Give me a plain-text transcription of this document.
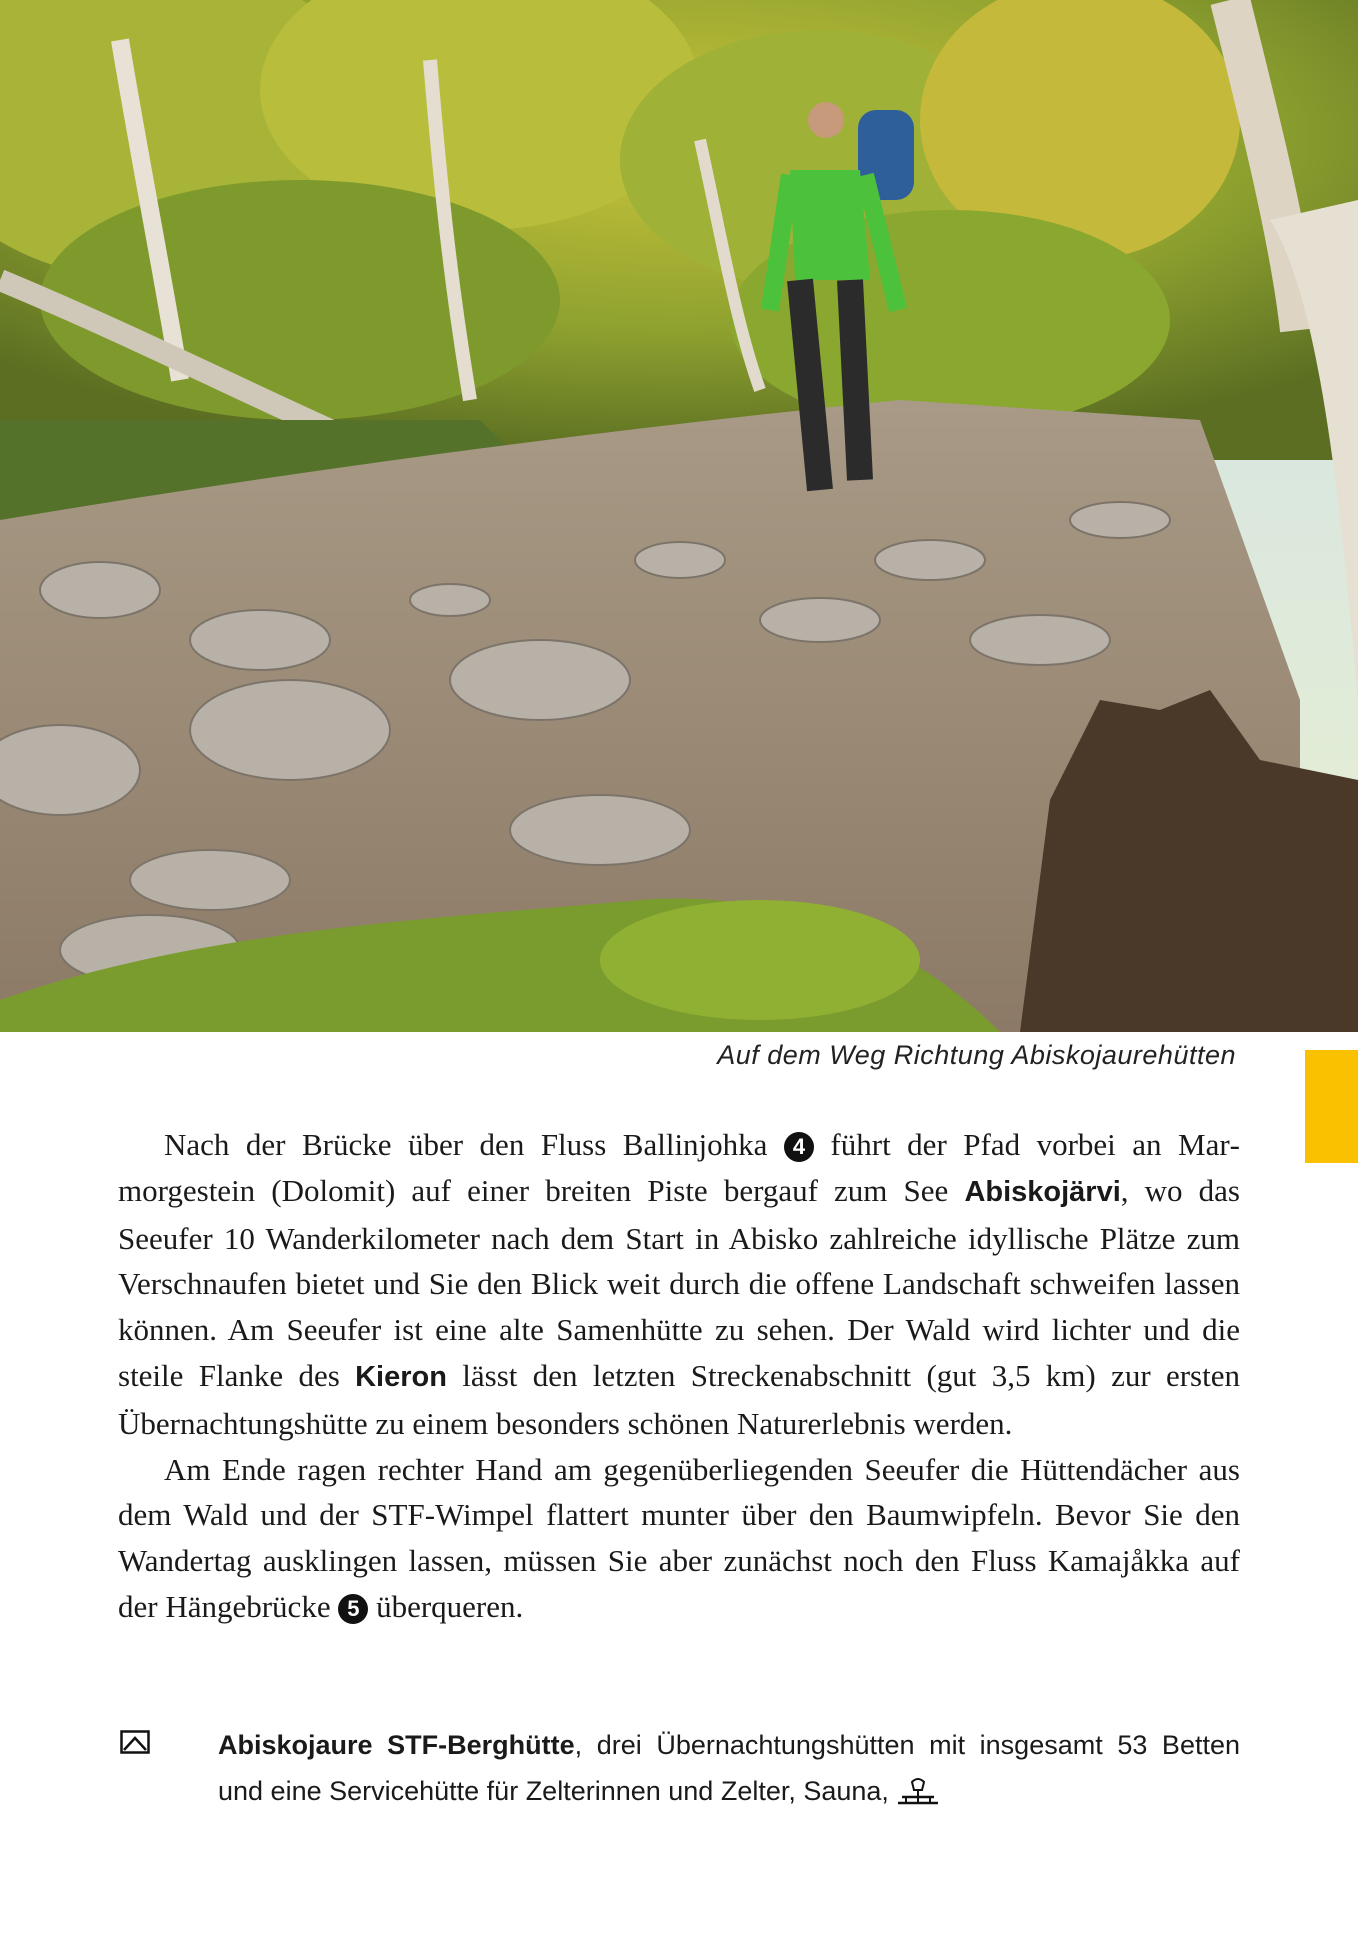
Auf dem Weg Richtung Abiskojaurehütten

Nach der Brücke über den Fluss Ballinjohka 4 führt der Pfad vorbei an Marmorgestein (Dolomit) auf einer breiten Piste bergauf zum See Abiskojärvi, wo das Seeufer 10 Wanderkilometer nach dem Start in Abisko zahlreiche idyllische Plätze zum Verschnaufen bietet und Sie den Blick weit durch die offene Landschaft schweifen lassen können. Am Seeufer ist eine alte Samenhütte zu sehen. Der Wald wird lichter und die steile Flanke des Kieron lässt den letzten Streckenabschnitt (gut 3,5 km) zur ersten Übernachtungshütte zu einem besonders schönen Naturerlebnis werden.

Am Ende ragen rechter Hand am gegenüberliegenden Seeufer die Hüttendächer aus dem Wald und der STF-Wimpel flattert munter über den Baumwipfeln. Bevor Sie den Wandertag ausklingen lassen, müssen Sie aber zunächst noch den Fluss Kamajåkka auf der Hängebrücke 5 überqueren.

Abiskojaure STF-Berghütte, drei Übernachtungshütten mit insgesamt 53 Betten und eine Servicehütte für Zelterinnen und Zelter, Sauna,
